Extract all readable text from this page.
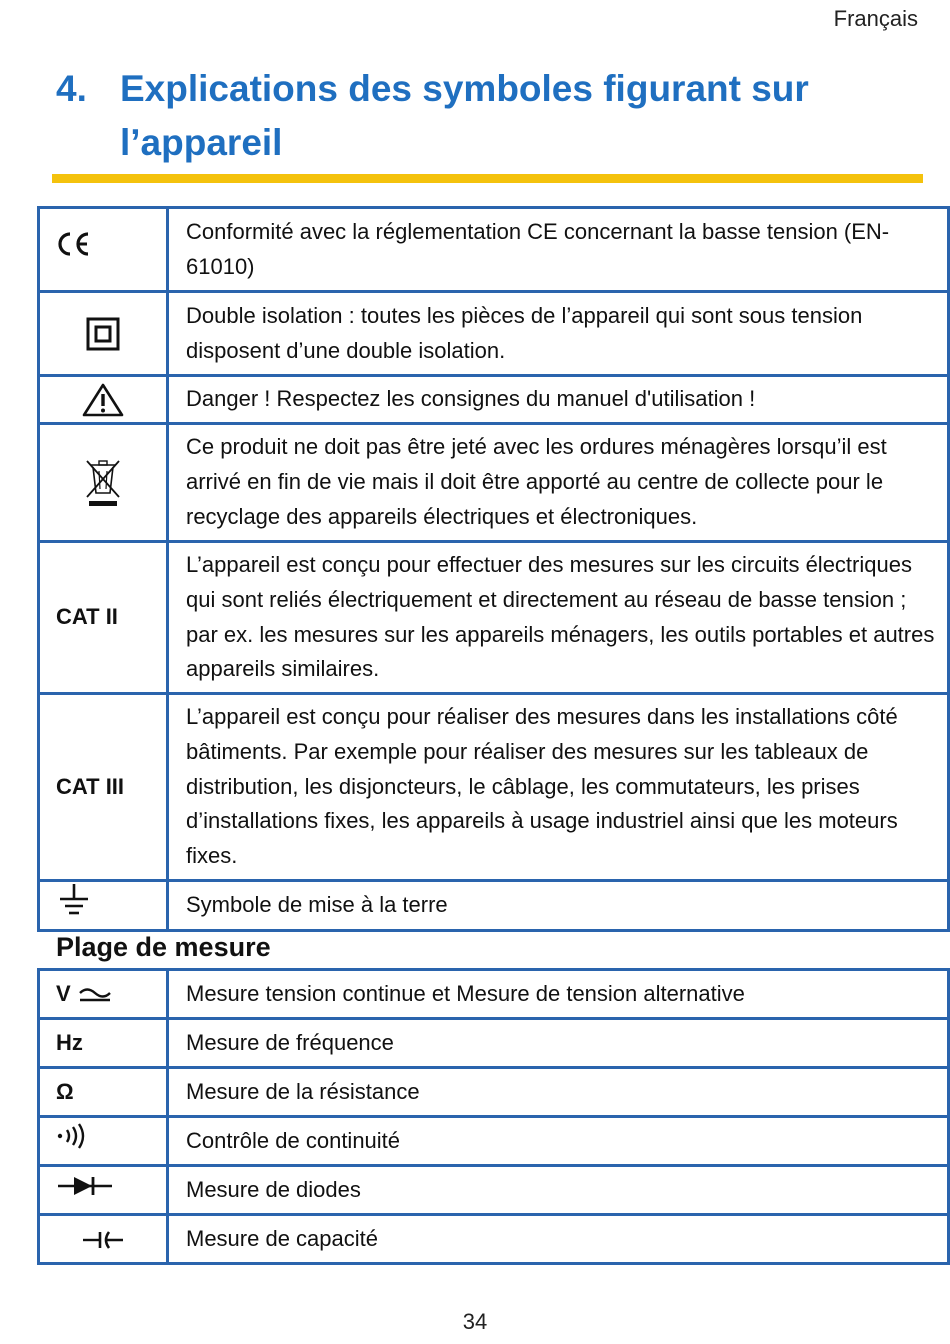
Français
4. Explications des symboles figurant sur l’appareil
	Conformité avec la réglementation CE concernant la basse tension (EN-61010)
	Double isolation : toutes les pièces de l’appareil qui sont sous tension disposent d’une double isolation.
	Danger ! Respectez les consignes du manuel d'utilisation !
	Ce produit ne doit pas être jeté avec les ordures ménagères lorsqu’il est arrivé en fin de vie mais il doit être apporté au centre de collecte pour le recyclage des appareils électriques et électroniques.
CAT II	L’appareil est conçu pour effectuer des mesures sur les circuits électriques qui sont reliés électriquement et directement au réseau de basse tension ; par ex. les mesures sur les appareils ménagers, les outils portables et autres appareils similaires.
CAT III	L’appareil est conçu pour réaliser des mesures dans les installations côté bâtiments. Par exemple pour réaliser des mesures sur les tableaux de distribution, les disjoncteurs, le câblage, les commutateurs, les prises d’installations fixes, les appareils à usage industriel ainsi que les moteurs fixes.
	Symbole de mise à la terre
Plage de mesure
V	Mesure tension continue et Mesure de tension alternative
Hz	Mesure de fréquence
Ω	Mesure de la résistance
	Contrôle de continuité
	Mesure de diodes
	Mesure de capacité
34
